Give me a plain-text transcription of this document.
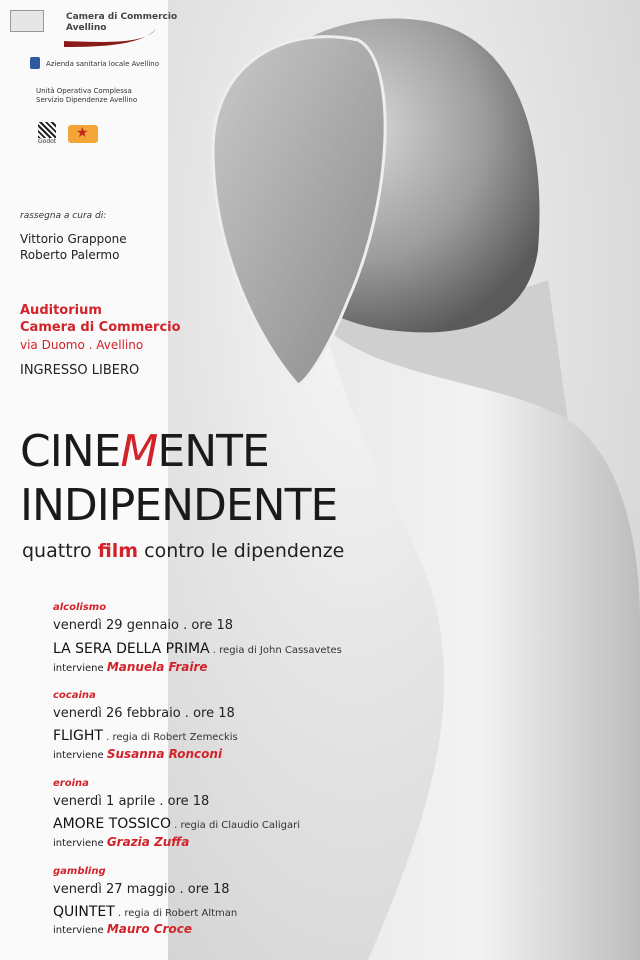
Camera di Commercio
Avellino
Azienda sanitaria locale Avellino
Unità Operativa Complessa
Servizio Dipendenze Avellino
Godot
★
rassegna a cura di:
Vittorio Grappone
Roberto Palermo
Auditorium
Camera di Commercio
via Duomo . Avellino
INGRESSO LIBERO
CINEMENTE
INDIPENDENTE
quattro film contro le dipendenze
alcolismo
venerdì 29 gennaio . ore 18
LA SERA DELLA PRIMA . regia di John Cassavetes
interviene Manuela Fraire
cocaina
venerdì 26 febbraio . ore 18
FLIGHT . regia di Robert Zemeckis
interviene Susanna Ronconi
eroina
venerdì 1 aprile . ore 18
AMORE TOSSICO . regia di Claudio Caligari
interviene Grazia Zuffa
gambling
venerdì 27 maggio . ore 18
QUINTET . regia di Robert Altman
interviene Mauro Croce
